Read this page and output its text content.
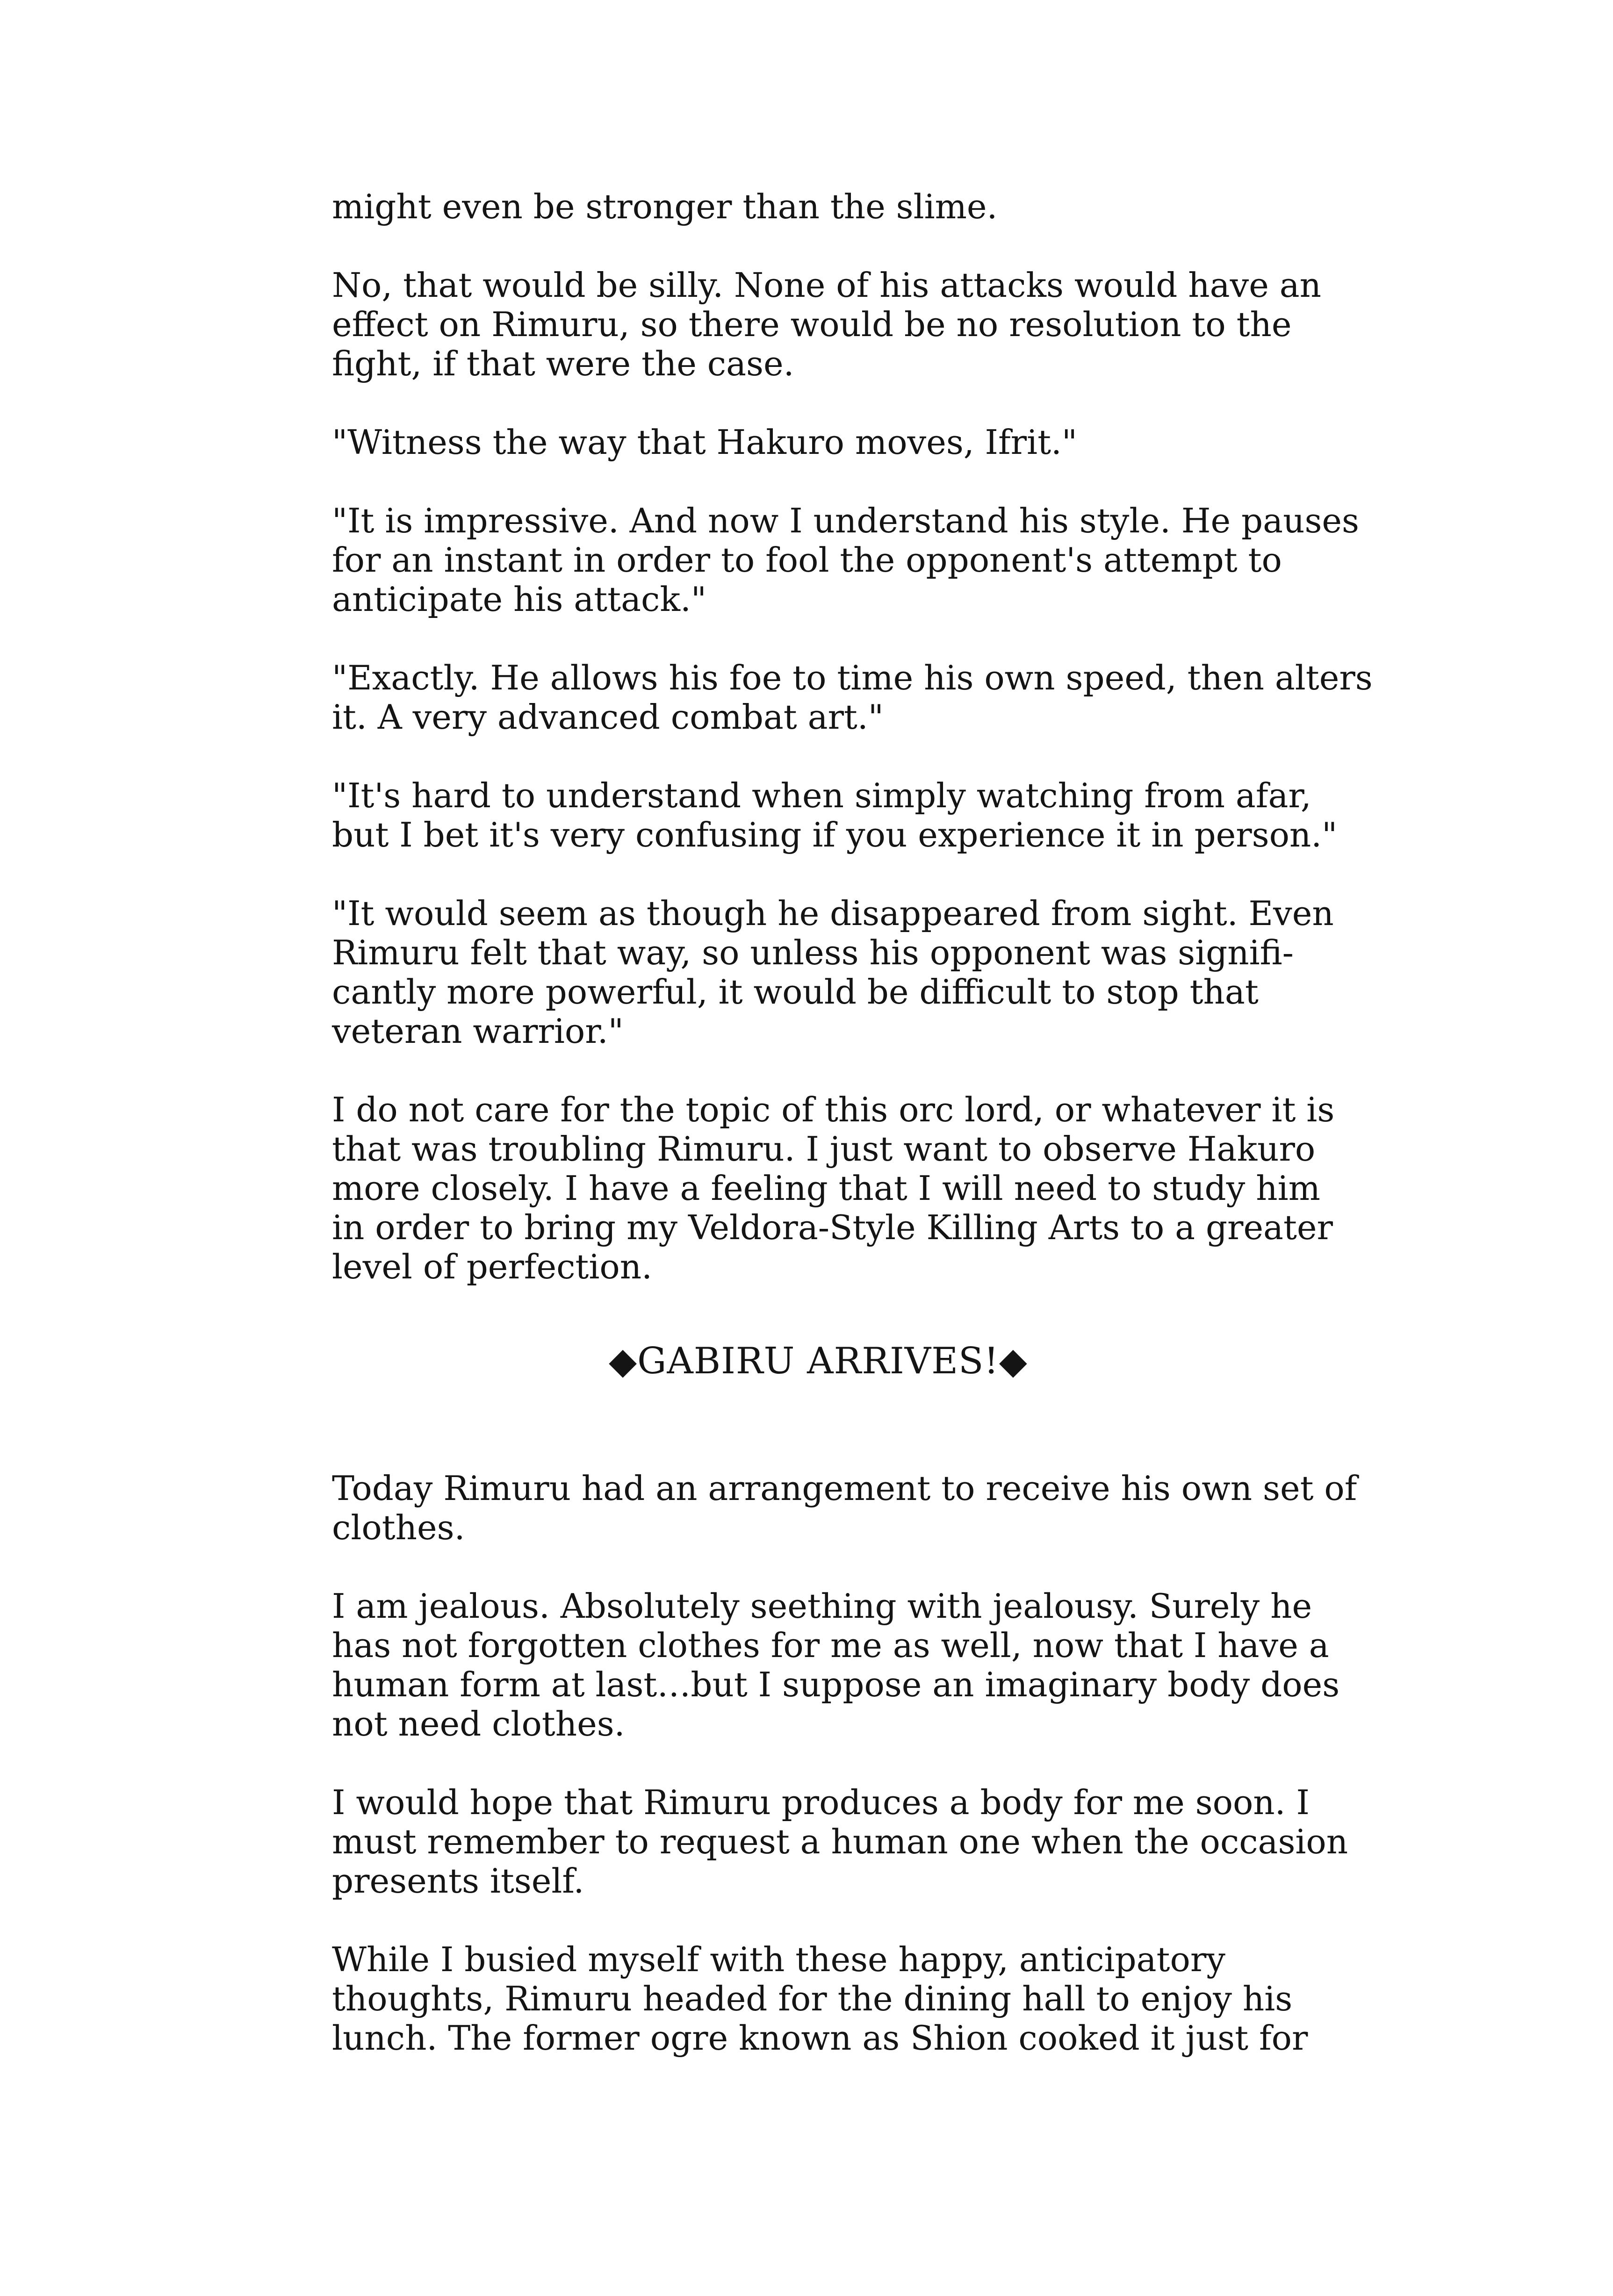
might even be stronger than the slime.

No, that would be silly. None of his attacks would have an
effect on Rimuru, so there would be no resolution to the
fight, if that were the case.

"Witness the way that Hakuro moves, Ifrit."

"It is impressive. And now I understand his style. He pauses
for an instant in order to fool the opponent's attempt to
anticipate his attack."

"Exactly. He allows his foe to time his own speed, then alters
it. A very advanced combat art."

"It's hard to understand when simply watching from afar,
but I bet it's very confusing if you experience it in person."

"It would seem as though he disappeared from sight. Even
Rimuru felt that way, so unless his opponent was signifi-
cantly more powerful, it would be difficult to stop that
veteran warrior."

I do not care for the topic of this orc lord, or whatever it is
that was troubling Rimuru. I just want to observe Hakuro
more closely. I have a feeling that I will need to study him
in order to bring my Veldora-Style Killing Arts to a greater
level of perfection.

◆GABIRU ARRIVES!◆

Today Rimuru had an arrangement to receive his own set of
clothes.

I am jealous. Absolutely seething with jealousy. Surely he
has not forgotten clothes for me as well, now that I have a
human form at last…but I suppose an imaginary body does
not need clothes.

I would hope that Rimuru produces a body for me soon. I
must remember to request a human one when the occasion
presents itself.

While I busied myself with these happy, anticipatory
thoughts, Rimuru headed for the dining hall to enjoy his
lunch. The former ogre known as Shion cooked it just for
